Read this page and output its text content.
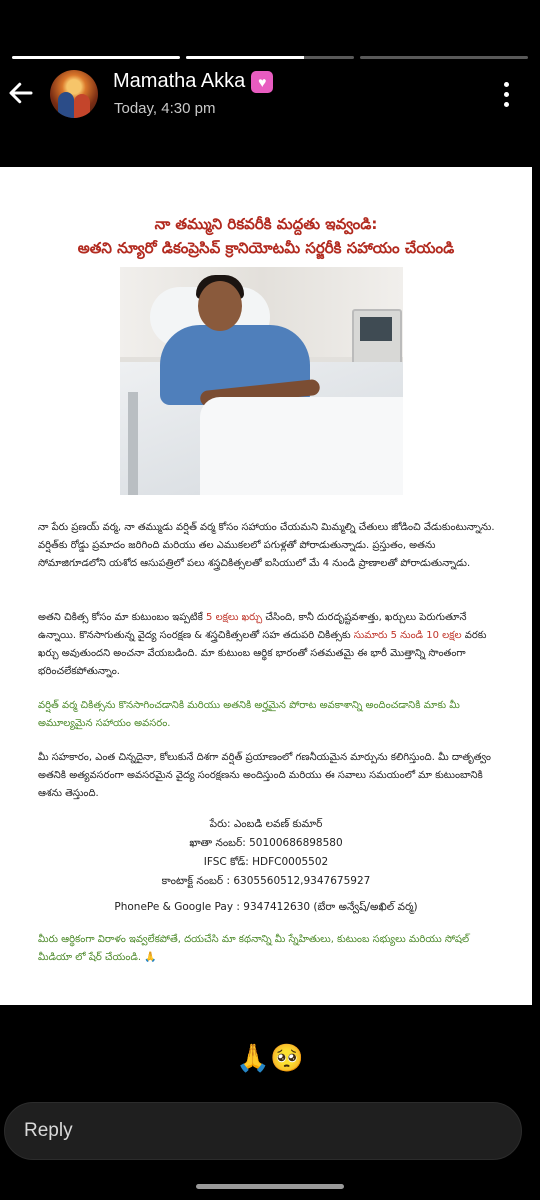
Mamatha Akka ♥
Today, 4:30 pm
నా తమ్ముని రికవరీకి మద్దతు ఇవ్వండి:
అతని న్యూరో డికంప్రెసివ్ క్రానియోటమీ సర్జరీకి సహాయం చేయండి
నా పేరు ప్రణయ్ వర్మ, నా తమ్ముడు వర్షిత్ వర్మ కోసం సహాయం చేయమని మిమ్మల్ని చేతులు జోడించి వేడుకుంటున్నాను. వర్షిత్‌కు రోడ్డు ప్రమాదం జరిగింది మరియు తల ఎముకలలో పగుళ్లతో పోరాడుతున్నాడు. ప్రస్తుతం, అతను సోమాజిగూడలోని యశోద ఆసుపత్రిలో పలు శస్త్రచికిత్సలతో ఐసియులో మే 4 నుండి ప్రాణాలతో పోరాడుతున్నాడు.
అతని చికిత్స కోసం మా కుటుంబం ఇప్పటికే 5 లక్షలు ఖర్చు చేసింది, కానీ దురదృష్టవశాత్తు, ఖర్చులు పెరుగుతూనే ఉన్నాయి. కొనసాగుతున్న వైద్య సంరక్షణ & శస్త్రచికిత్సలతో సహ తదుపరి చికిత్సకు సుమారు 5 నుండి 10 లక్షల వరకు ఖర్చు అవుతుందని అంచనా వేయబడింది. మా కుటుంబ ఆర్థిక భారంతో సతమతమై ఈ భారీ మొత్తాన్ని సొంతంగా భరించలేకపోతున్నాం.
వర్షిత్ వర్మ చికిత్సను కొనసాగించడానికి మరియు అతనికి అర్హమైన పోరాట అవకాశాన్ని అందించడానికి మాకు మీ అమూల్యమైన సహాయం అవసరం.
మీ సహకారం, ఎంత చిన్నదైనా, కోలుకునే దిశగా వర్షిత్ ప్రయాణంలో గణనీయమైన మార్పును కలిగిస్తుంది. మీ దాతృత్వం అతనికి అత్యవసరంగా అవసరమైన వైద్య సంరక్షణను అందిస్తుంది మరియు ఈ సవాలు సమయంలో మా కుటుంబానికి ఆశను తెస్తుంది.
పేరు: ఎంబడి లవణ్ కుమార్
ఖాతా నంబర్: 50100686898580
IFSC కోడ్: HDFC0005502
కాంటాక్ట్ నంబర్ : 6305560512,9347675927
PhonePe & Google Pay : 9347412630 (బేరా అన్వేష్/అఖిల్ వర్మ)
మీరు ఆర్థికంగా విరాళం ఇవ్వలేకపోతే, దయచేసి మా కథనాన్ని మీ స్నేహితులు, కుటుంబ సభ్యులు మరియు సోషల్ మీడియా లో షేర్ చేయండి. 🙏
🙏🥺
Reply
